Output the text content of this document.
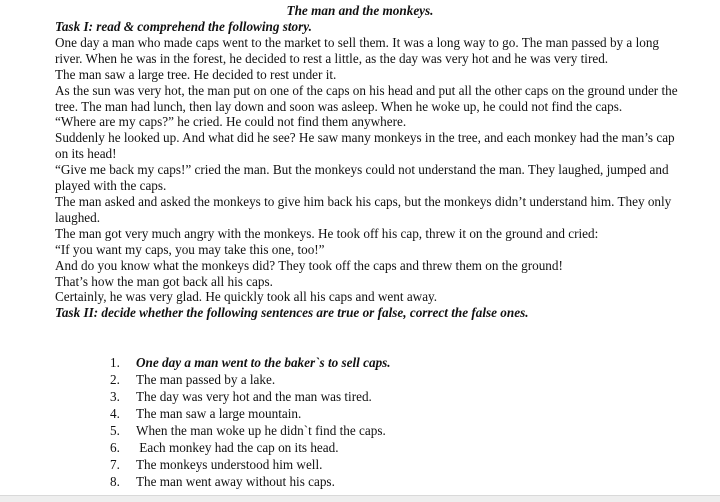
The man and the monkeys.

Task I: read & comprehend the following story.

One day a man who made caps went to the market to sell them. It was a long way to go. The man passed by a long river. When he was in the forest, he decided to rest a little, as the day was very hot and he was very tired.

The man saw a large tree. He decided to rest under it.

As the sun was very hot, the man put on one of the caps on his head and put all the other caps on the ground under the tree. The man had lunch, then lay down and soon was asleep. When he woke up, he could not find the caps.

“Where are my caps?” he cried. He could not find them anywhere.

Suddenly he looked up. And what did he see? He saw many monkeys in the tree, and each monkey had the man’s cap on its head!

“Give me back my caps!” cried the man. But the monkeys could not understand the man. They laughed, jumped and played with the caps.

The man asked and asked the monkeys to give him back his caps, but the monkeys didn’t understand him. They only laughed.

The man got very much angry with the monkeys. He took off his cap, threw it on the ground and cried:

“If you want my caps, you may take this one, too!”

And do you know what the monkeys did? They took off the caps and threw them on the ground!

That’s how the man got back all his caps.

Certainly, he was very glad. He quickly took all his caps and went away.

Task II: decide whether the following sentences are true or false, correct the false ones.

1. One day a man went to the baker`s to sell caps.
2. The man passed by a lake.
3. The day was very hot and the man was tired.
4. The man saw a large mountain.
5. When the man woke up he didn`t find the caps.
6. Each monkey had the cap on its head.
7. The monkeys understood him well.
8. The man went away without his caps.
